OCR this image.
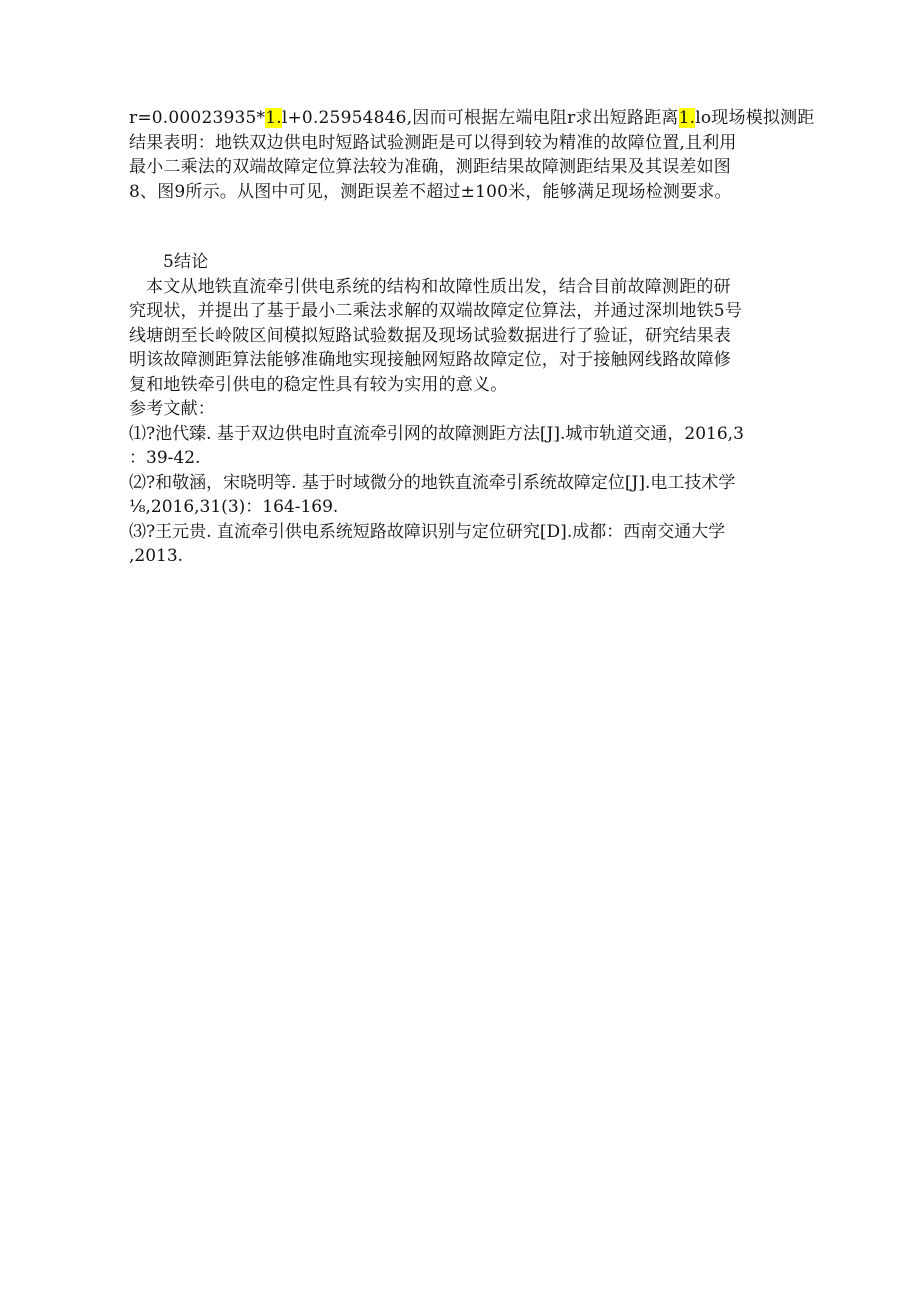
r=0.00023935*1.l+0.25954846,因而可根据左端电阻r求出短路距离1.lo现场模拟测距
结果表明：地铁双边供电时短路试验测距是可以得到较为精准的故障位置,且利用
最小二乘法的双端故障定位算法较为准确，测距结果故障测距结果及其误差如图
8、图9所示。从图中可见，测距误差不超过±100米，能够满足现场检测要求。
5结论
本文从地铁直流牵引供电系统的结构和故障性质出发，结合目前故障测距的研
究现状，并提出了基于最小二乘法求解的双端故障定位算法，并通过深圳地铁5号
线塘朗至长岭陂区间模拟短路试验数据及现场试验数据进行了验证，研究结果表
明该故障测距算法能够准确地实现接触网短路故障定位，对于接触网线路故障修
复和地铁牵引供电的稳定性具有较为实用的意义。
参考文献：
⑴?池代臻. 基于双边供电时直流牵引网的故障测距方法[J].城市轨道交通，2016,3
：39-42.
⑵?和敬涵，宋晓明等. 基于时域微分的地铁直流牵引系统故障定位[J].电工技术学
⅛,2016,31(3)：164-169.
⑶?王元贵. 直流牵引供电系统短路故障识别与定位研究[D].成都：西南交通大学
,2013.
